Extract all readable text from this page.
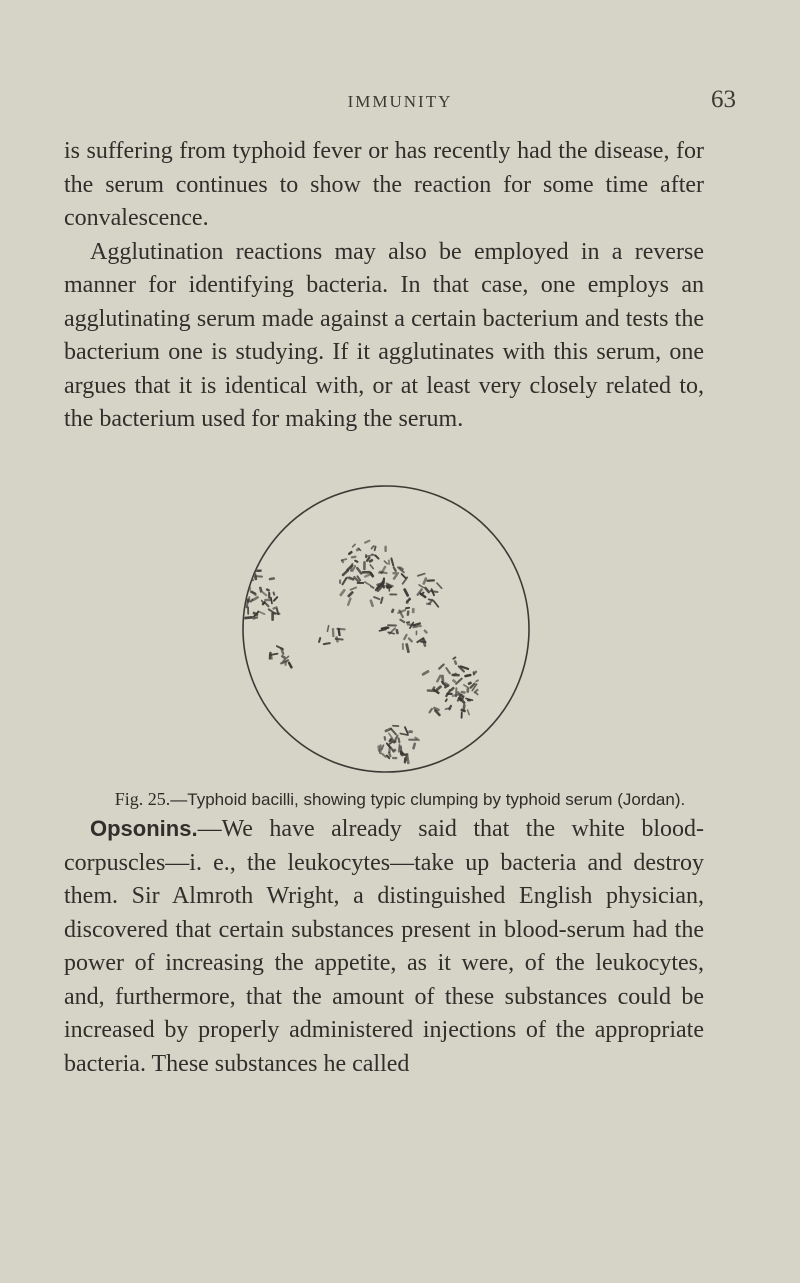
IMMUNITY	63

is suffering from typhoid fever or has recently had the disease, for the serum continues to show the reaction for some time after convalescence.

Agglutination reactions may also be employed in a reverse manner for identifying bacteria. In that case, one employs an agglutinating serum made against a certain bacterium and tests the bacterium one is studying. If it agglutinates with this serum, one argues that it is identical with, or at least very closely related to, the bacterium used for making the serum.

Fig. 25.—Typhoid bacilli, showing typic clumping by typhoid serum (Jordan).

Opsonins.—We have already said that the white blood-corpuscles—i. e., the leukocytes—take up bacteria and destroy them. Sir Almroth Wright, a distinguished English physician, discovered that certain substances present in blood-serum had the power of increasing the appetite, as it were, of the leukocytes, and, furthermore, that the amount of these substances could be increased by properly administered injections of the appropriate bacteria. These substances he called
